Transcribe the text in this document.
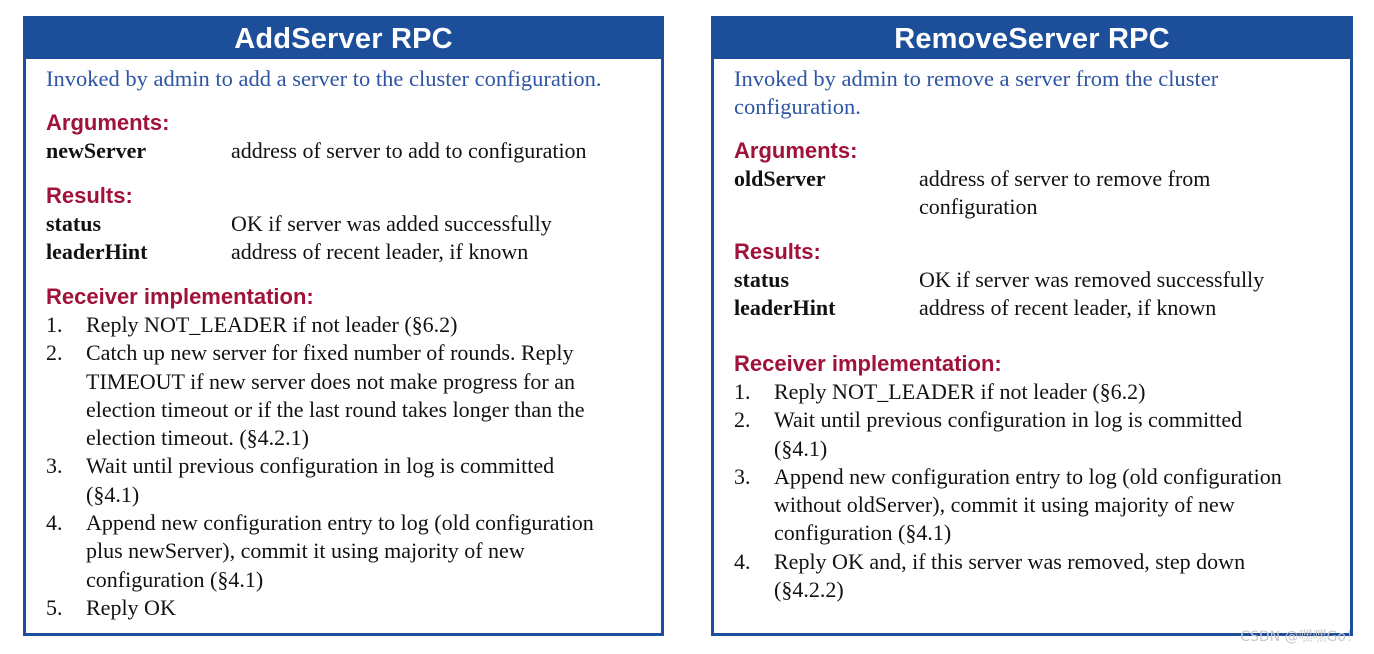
AddServer RPC

Invoked by admin to add a server to the cluster configuration.

Arguments:
newServer	address of server to add to configuration
Results:
status	OK if server was added successfully
leaderHint	address of recent leader, if known
Receiver implementation:
1.	Reply NOT_LEADER if not leader (§6.2)
2.	Catch up new server for fixed number of rounds. Reply
TIMEOUT if new server does not make progress for an
election timeout or if the last round takes longer than the
election timeout. (§4.2.1)
3.	Wait until previous configuration in log is committed
(§4.1)
4.	Append new configuration entry to log (old configuration
plus newServer), commit it using majority of new
configuration (§4.1)
5.	Reply OK
RemoveServer RPC
Invoked by admin to remove a server from the cluster
configuration.
Arguments:
oldServer	address of server to remove from
configuration
Results:
status	OK if server was removed successfully
leaderHint	address of recent leader, if known
Receiver implementation:
1.	Reply NOT_LEADER if not leader (§6.2)
2.	Wait until previous configuration in log is committed
(§4.1)
3.	Append new configuration entry to log (old configuration
without oldServer), commit it using majority of new
configuration (§4.1)
4.	Reply OK and, if this server was removed, step down
(§4.2.2)
CSDN @嘿嘿Go！
